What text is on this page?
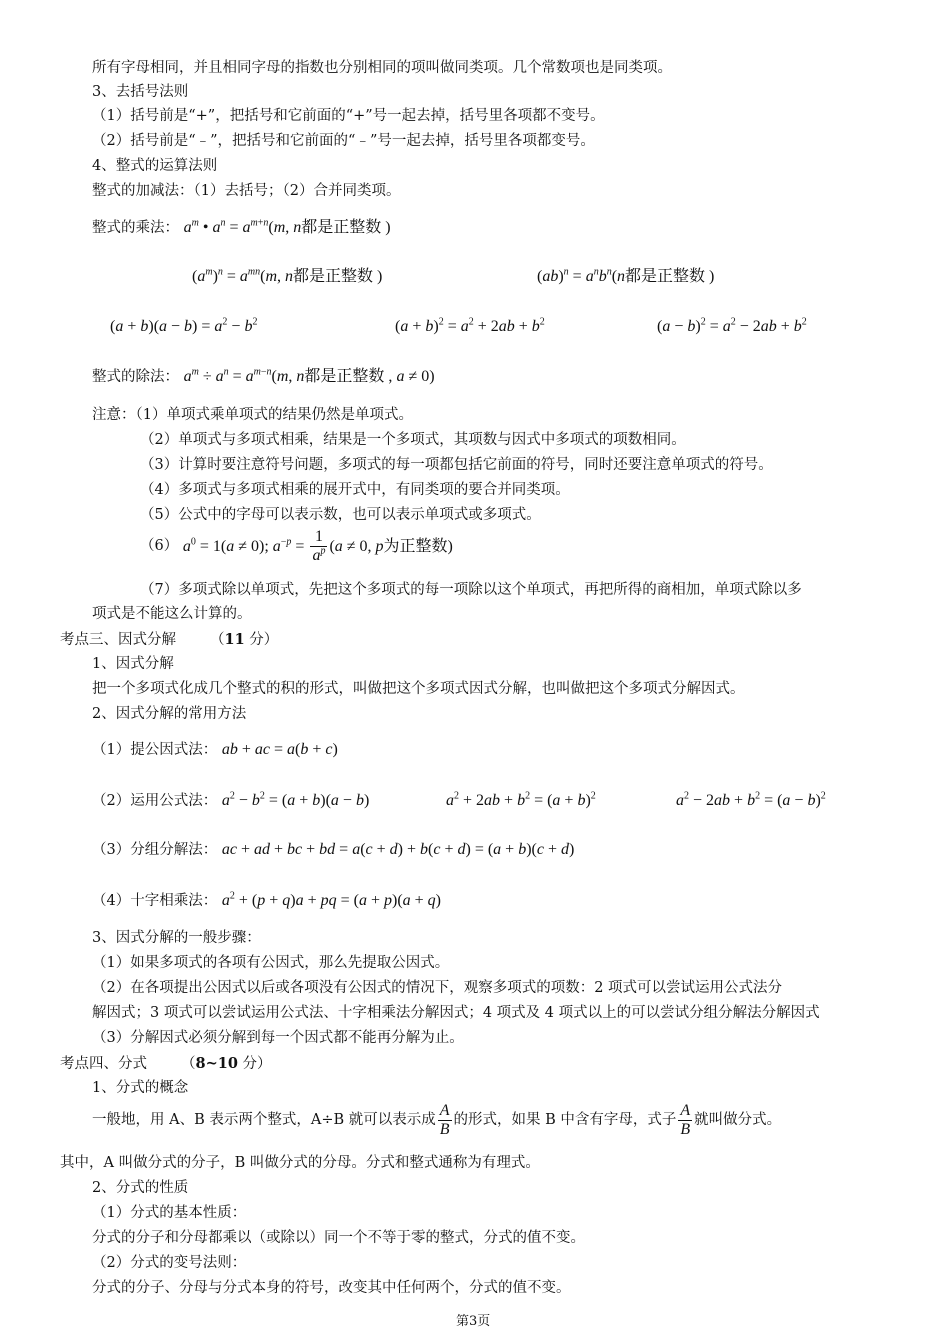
所有字母相同，并且相同字母的指数也分别相同的项叫做同类项。几个常数项也是同类项。
3、去括号法则
（1）括号前是“+”，把括号和它前面的“+”号一起去掉，括号里各项都不变号。
（2）括号前是“﹣”，把括号和它前面的“﹣”号一起去掉，括号里各项都变号。
4、整式的运算法则
整式的加减法：（1）去括号；（2）合并同类项。
整式的乘法： $a^m$ • $a^n = a^{m+n}(m$, n都是正整数 )
$(a^m)^n = a^{mn}(m$, n都是正整数 )	$(ab)^n = a^nb^n(n$都是正整数 )
$(a + b)(a - b) = a^2 - b^2$	$(a + b)^2 = a^2 + 2ab + b^2$	$(a - b)^2 = a^2 - 2ab + b^2$
整式的除法： $a^m \div a^n = a^{m-n}(m$, n都是正整数 , a ≠ 0)
注意：（1）单项式乘单项式的结果仍然是单项式。
（2）单项式与多项式相乘，结果是一个多项式，其项数与因式中多项式的项数相同。
（3）计算时要注意符号问题，多项式的每一项都包括它前面的符号，同时还要注意单项式的符号。
（4）多项式与多项式相乘的展开式中，有同类项的要合并同类项。
（5）公式中的字母可以表示数，也可以表示单项式或多项式。
（6） $a^0 = 1(a \ne 0)$; $a^{-p} = \frac{1}{a^p} (a \ne 0$, p为正整数)
（7）多项式除以单项式，先把这个多项式的每一项除以这个单项式，再把所得的商相加，单项式除以多
项式是不能这么计算的。
考点三、因式分解 （11 分）
1、因式分解
把一个多项式化成几个整式的积的形式，叫做把这个多项式因式分解，也叫做把这个多项式分解因式。
2、因式分解的常用方法
（1）提公因式法： ab + ac = a(b + c)
（2）运用公式法： $a^2 - b^2 = (a + b)(a - b)$	$a^2 + 2ab + b^2 = (a + b)^2$	$a^2 - 2ab + b^2 = (a - b)^2$
（3）分组分解法： ac + ad + bc + bd = a(c + d) + b(c + d) = (a + b)(c + d)
（4）十字相乘法： $a^2 + (p + q)a$ + pq = (a + p)(a + q)
3、因式分解的一般步骤：
（1）如果多项式的各项有公因式，那么先提取公因式。
（2）在各项提出公因式以后或各项没有公因式的情况下，观察多项式的项数：2 项式可以尝试运用公式法分
解因式；3 项式可以尝试运用公式法、十字相乘法分解因式；4 项式及 4 项式以上的可以尝试分组分解法分解因式
（3）分解因式必须分解到每一个因式都不能再分解为止。
考点四、分式 （8~10 分）
1、分式的概念
一般地，用 A、B 表示两个整式，A÷B 就可以表示成 $\frac{A}{B}$ 的形式，如果 B 中含有字母，式子 $\frac{A}{B}$ 就叫做分式。
其中，A 叫做分式的分子，B 叫做分式的分母。分式和整式通称为有理式。
2、分式的性质
（1）分式的基本性质：
分式的分子和分母都乘以（或除以）同一个不等于零的整式，分式的值不变。
（2）分式的变号法则：
分式的分子、分母与分式本身的符号，改变其中任何两个，分式的值不变。
第3页
